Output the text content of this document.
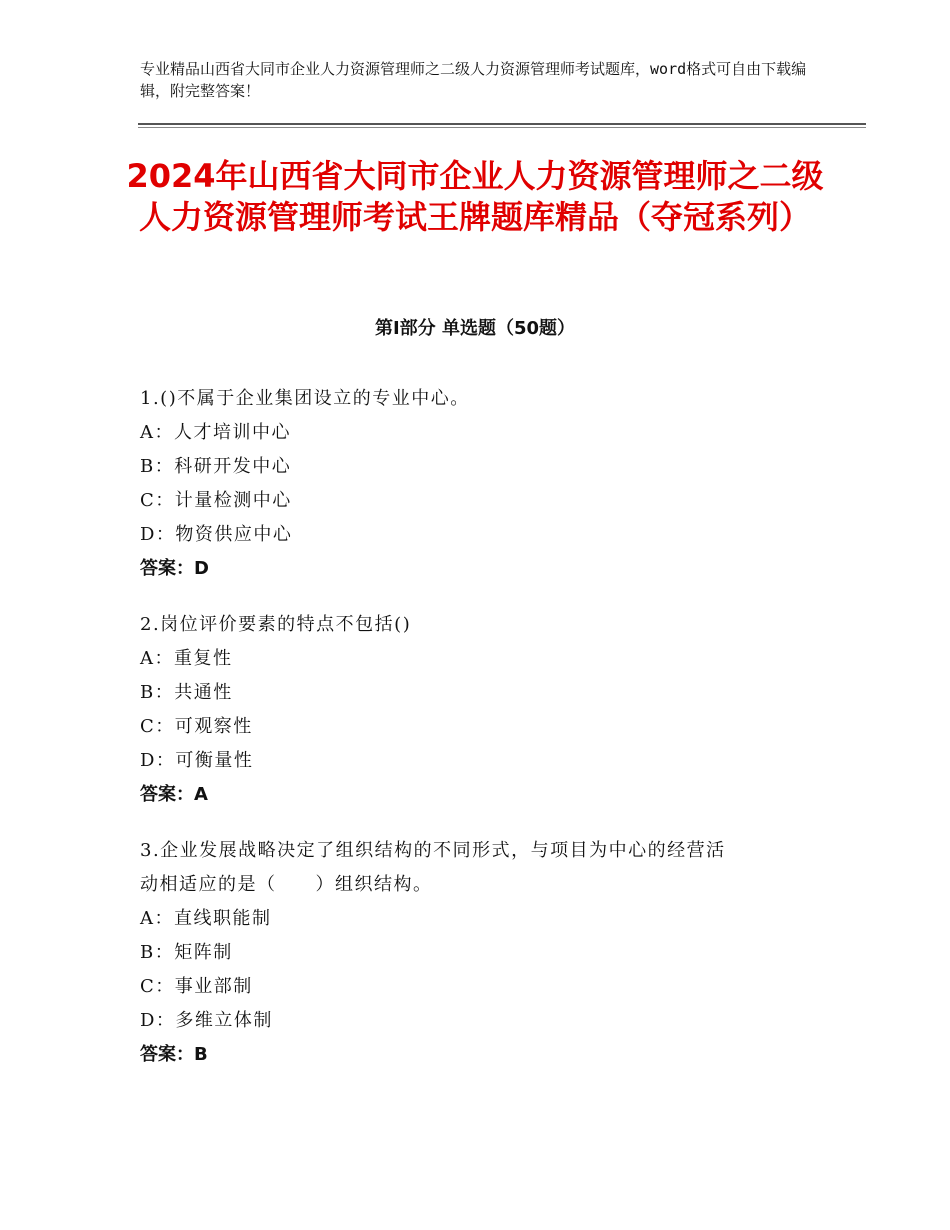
专业精品山西省大同市企业人力资源管理师之二级人力资源管理师考试题库，word格式可自由下载编辑，附完整答案！
2024年山西省大同市企业人力资源管理师之二级人力资源管理师考试王牌题库精品（夺冠系列）
第Ⅰ部分 单选题（50题）
1.()不属于企业集团设立的专业中心。
A：人才培训中心
B：科研开发中心
C：计量检测中心
D：物资供应中心
答案：D
2.岗位评价要素的特点不包括()
A：重复性
B：共通性
C：可观察性
D：可衡量性
答案：A
3.企业发展战略决定了组织结构的不同形式，与项目为中心的经营活
动相适应的是（　　）组织结构。
A：直线职能制
B：矩阵制
C：事业部制
D：多维立体制
答案：B
